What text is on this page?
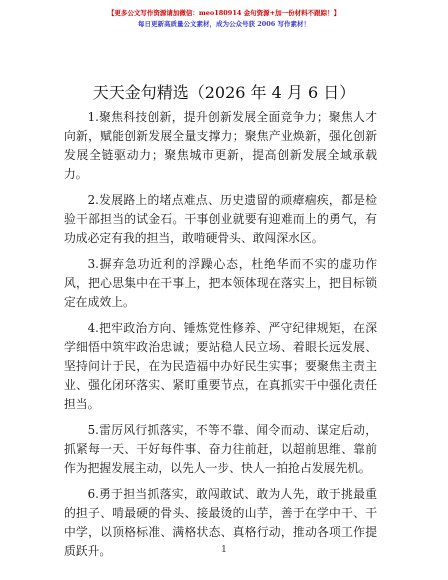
【更多公文写作资源请加微信：meo180914 金句资源+加一份材料不跟踪！】
每日更新高质量公文素材，成为公众号获 2006 写作素材！
天天金句精选（2026 年 4 月 6 日）

1.聚焦科技创新，提升创新发展全面竞争力；聚焦人才向新，赋能创新发展全量支撑力；聚焦产业焕新，强化创新发展全链驱动力；聚焦城市更新，提高创新发展全域承载力。

2.发展路上的堵点难点、历史遗留的顽瘴痼疾，都是检验干部担当的试金石。干事创业就要有迎难而上的勇气，有功成必定有我的担当，敢啃硬骨头、敢闯深水区。

3.摒弃急功近利的浮躁心态，杜绝华而不实的虚功作风，把心思集中在干事上，把本领体现在落实上，把目标锁定在成效上。

4.把牢政治方向、锤炼党性修养、严守纪律规矩，在深学细悟中筑牢政治忠诚；要站稳人民立场、着眼长远发展、坚持问计于民，在为民造福中办好民生实事；要聚焦主责主业、强化闭环落实、紧盯重要节点，在真抓实干中强化责任担当。

5.雷厉风行抓落实，不等不靠、闻令而动、谋定后动，抓紧每一天、干好每件事、奋力往前赶，以超前思维、靠前作为把握发展主动，以先人一步、快人一拍抢占发展先机。

6.勇于担当抓落实，敢闯敢试、敢为人先，敢于挑最重的担子、啃最硬的骨头、接最烫的山芋，善于在学中干、干中学，以顶格标准、满格状态、真格行动，推动各项工作提质跃升。	1
